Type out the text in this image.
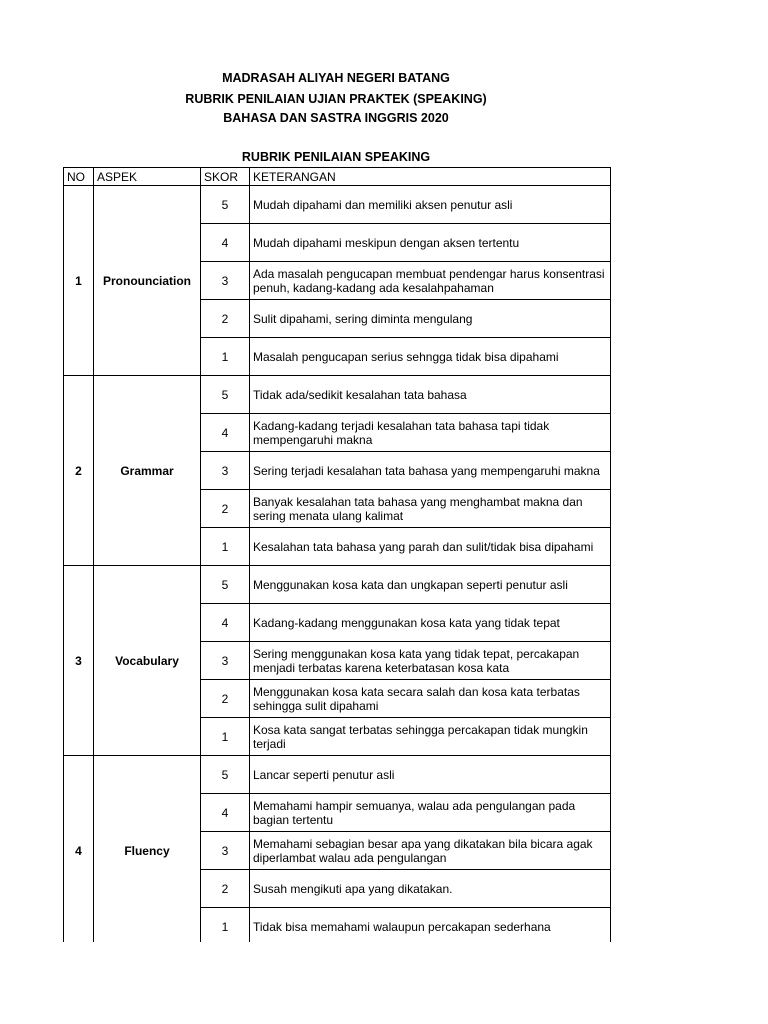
MADRASAH ALIYAH NEGERI BATANG
RUBRIK PENILAIAN UJIAN PRAKTEK (SPEAKING)
BAHASA DAN SASTRA INGGRIS 2020
RUBRIK PENILAIAN SPEAKING
NO	ASPEK	SKOR	KETERANGAN
1	Pronounciation	5	Mudah dipahami dan memiliki aksen penutur asli
		4	Mudah dipahami meskipun dengan aksen tertentu
		3	Ada masalah pengucapan membuat pendengar harus konsentrasi penuh, kadang-kadang ada kesalahpahaman
		2	Sulit dipahami, sering diminta mengulang
		1	Masalah pengucapan serius sehngga tidak bisa dipahami
2	Grammar	5	Tidak ada/sedikit kesalahan tata bahasa
		4	Kadang-kadang terjadi kesalahan tata bahasa tapi tidak mempengaruhi makna
		3	Sering terjadi kesalahan tata bahasa yang mempengaruhi makna
		2	Banyak kesalahan tata bahasa yang menghambat makna dan sering menata ulang kalimat
		1	Kesalahan tata bahasa yang parah dan sulit/tidak bisa dipahami
3	Vocabulary	5	Menggunakan kosa kata dan ungkapan seperti penutur asli
		4	Kadang-kadang menggunakan kosa kata yang tidak tepat
		3	Sering menggunakan kosa kata yang tidak tepat, percakapan menjadi terbatas karena keterbatasan kosa kata
		2	Menggunakan kosa kata secara salah dan kosa kata terbatas sehingga sulit dipahami
		1	Kosa kata sangat terbatas sehingga percakapan tidak mungkin terjadi
4	Fluency	5	Lancar seperti penutur asli
		4	Memahami hampir semuanya, walau ada pengulangan pada bagian tertentu
		3	Memahami sebagian besar apa yang dikatakan bila bicara agak diperlambat walau ada pengulangan
		2	Susah mengikuti apa yang dikatakan.
		1	Tidak bisa memahami walaupun percakapan sederhana
